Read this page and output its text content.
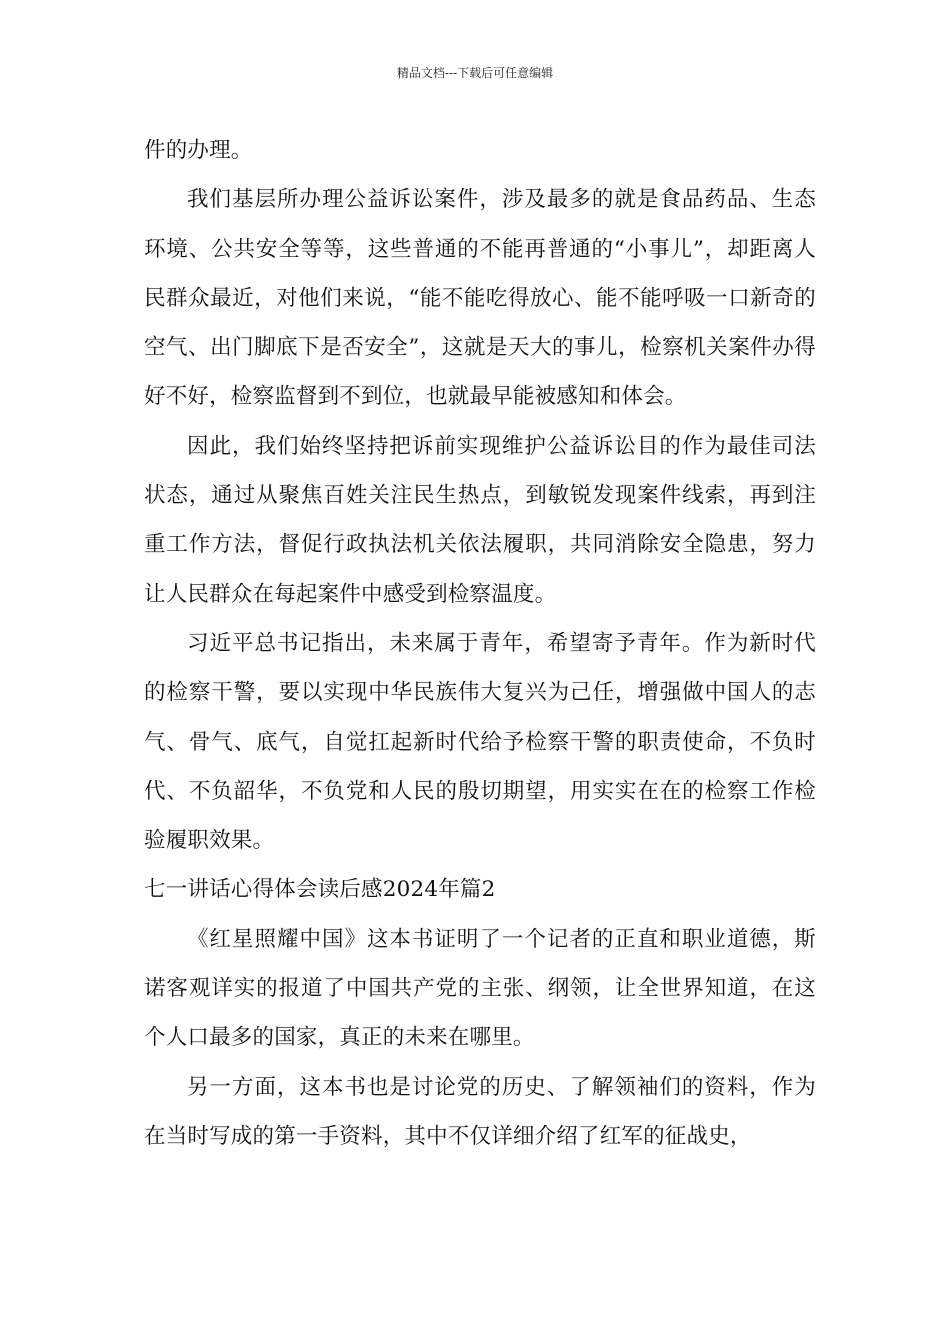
精品文档---下载后可任意编辑

件的办理。

我们基层所办理公益诉讼案件，涉及最多的就是食品药品、生态环境、公共安全等等，这些普通的不能再普通的“小事儿”，却距离人民群众最近，对他们来说，“能不能吃得放心、能不能呼吸一口新奇的空气、出门脚底下是否安全”，这就是天大的事儿，检察机关案件办得好不好，检察监督到不到位，也就最早能被感知和体会。

因此，我们始终坚持把诉前实现维护公益诉讼目的作为最佳司法状态，通过从聚焦百姓关注民生热点，到敏锐发现案件线索，再到注重工作方法，督促行政执法机关依法履职，共同消除安全隐患，努力让人民群众在每起案件中感受到检察温度。

习近平总书记指出，未来属于青年，希望寄予青年。作为新时代的检察干警，要以实现中华民族伟大复兴为己任，增强做中国人的志气、骨气、底气，自觉扛起新时代给予检察干警的职责使命，不负时代、不负韶华，不负党和人民的殷切期望，用实实在在的检察工作检验履职效果。

七一讲话心得体会读后感2024年篇2

《红星照耀中国》这本书证明了一个记者的正直和职业道德，斯诺客观详实的报道了中国共产党的主张、纲领，让全世界知道，在这个人口最多的国家，真正的未来在哪里。

另一方面，这本书也是讨论党的历史、了解领袖们的资料，作为在当时写成的第一手资料，其中不仅详细介绍了红军的征战史，
